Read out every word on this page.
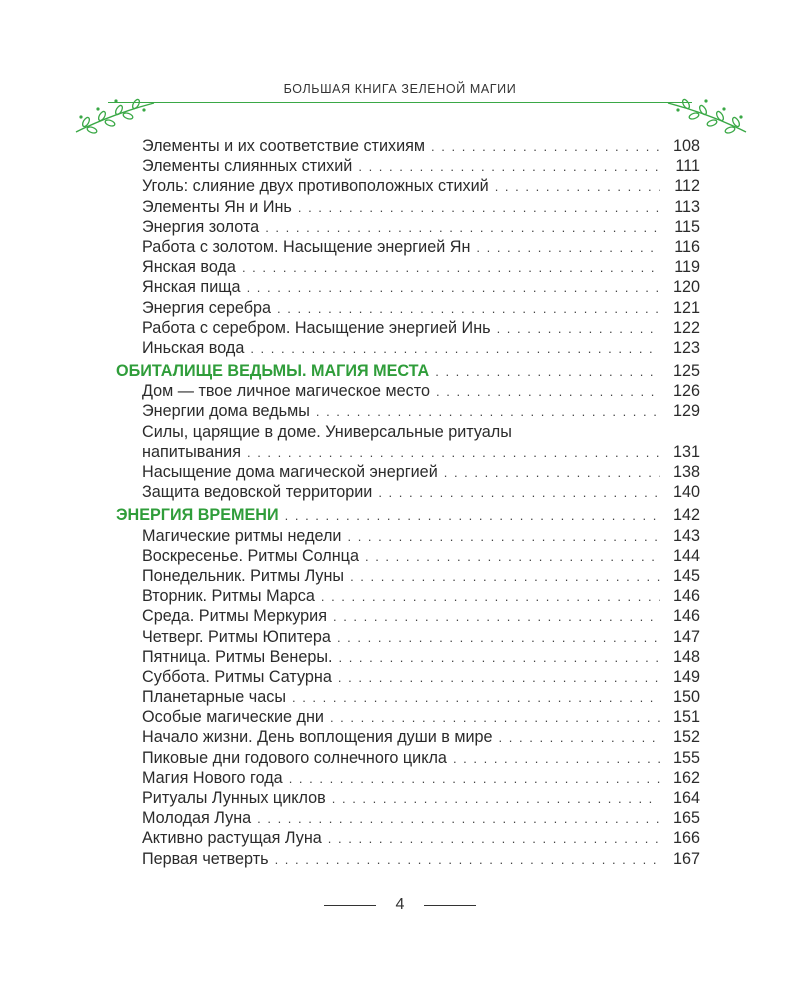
БОЛЬШАЯ КНИГА ЗЕЛЕНОЙ МАГИИ
Элементы и их соответствие стихиям . . .	108
Элементы слиянных стихий . . .	111
Уголь: слияние двух противоположных стихий . . .	112
Элементы Ян и Инь . . .	113
Энергия золота . . .	115
Работа с золотом. Насыщение энергией Ян . . .	116
Янская вода . . .	119
Янская пища . . .	120
Энергия серебра . . .	121
Работа с серебром. Насыщение энергией Инь . . .	122
Иньская вода . . .	123
ОБИТАЛИЩЕ ВЕДЬМЫ. МАГИЯ МЕСТА . . .	125
Дом — твое личное магическое место . . .	126
Энергии дома ведьмы . . .	129
Силы, царящие в доме. Универсальные ритуалы
напитывания . . .	131
Насыщение дома магической энергией . . .	138
Защита ведовской территории . . .	140
ЭНЕРГИЯ ВРЕМЕНИ . . .	142
Магические ритмы недели . . .	143
Воскресенье. Ритмы Солнца . . .	144
Понедельник. Ритмы Луны . . .	145
Вторник. Ритмы Марса . . .	146
Среда. Ритмы Меркурия . . .	146
Четверг. Ритмы Юпитера . . .	147
Пятница. Ритмы Венеры. . . .	148
Суббота. Ритмы Сатурна . . .	149
Планетарные часы . . .	150
Особые магические дни . . .	151
Начало жизни. День воплощения души в мире . . .	152
Пиковые дни годового солнечного цикла . . .	155
Магия Нового года . . .	162
Ритуалы Лунных циклов . . .	164
Молодая Луна . . .	165
Активно растущая Луна . . .	166
Первая четверть . . .	167
4
